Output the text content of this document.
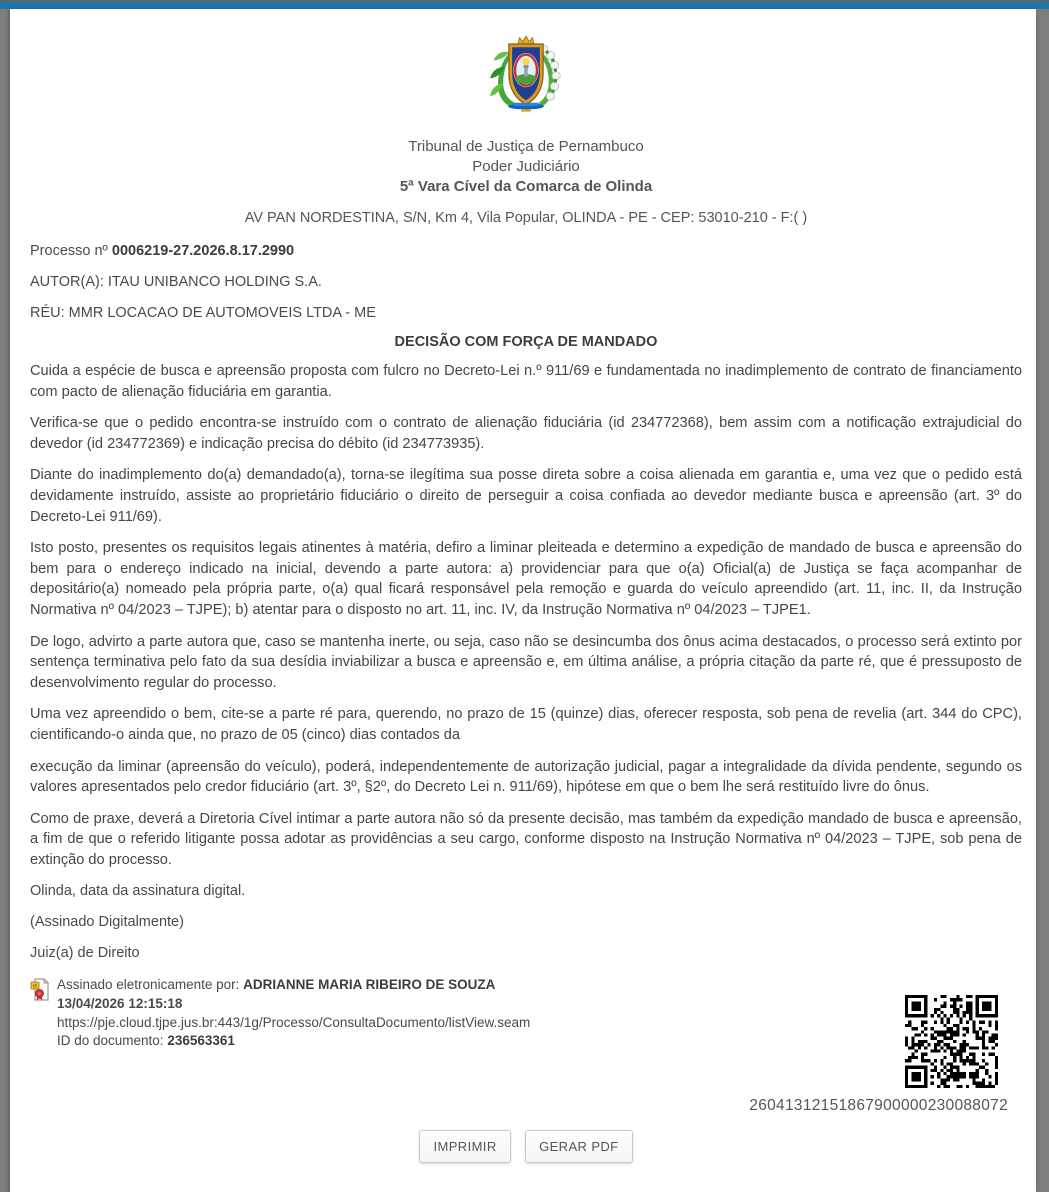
Tribunal de Justiça de Pernambuco
Poder Judiciário
5ª Vara Cível da Comarca de Olinda
AV PAN NORDESTINA, S/N, Km 4, Vila Popular, OLINDA - PE - CEP: 53010-210 - F:( )

Processo nº 0006219-27.2026.8.17.2990

AUTOR(A): ITAU UNIBANCO HOLDING S.A.

RÉU: MMR LOCACAO DE AUTOMOVEIS LTDA - ME

DECISÃO COM FORÇA DE MANDADO

Cuida a espécie de busca e apreensão proposta com fulcro no Decreto-Lei n.º 911/69 e fundamentada no inadimplemento de contrato de financiamento com pacto de alienação fiduciária em garantia.

Verifica-se que o pedido encontra-se instruído com o contrato de alienação fiduciária (id 234772368), bem assim com a notificação extrajudicial do devedor (id 234772369) e indicação precisa do débito (id 234773935).

Diante do inadimplemento do(a) demandado(a), torna-se ilegítima sua posse direta sobre a coisa alienada em garantia e, uma vez que o pedido está devidamente instruído, assiste ao proprietário fiduciário o direito de perseguir a coisa confiada ao devedor mediante busca e apreensão (art. 3º do Decreto-Lei 911/69).

Isto posto, presentes os requisitos legais atinentes à matéria, defiro a liminar pleiteada e determino a expedição de mandado de busca e apreensão do bem para o endereço indicado na inicial, devendo a parte autora: a) providenciar para que o(a) Oficial(a) de Justiça se faça acompanhar de depositário(a) nomeado pela própria parte, o(a) qual ficará responsável pela remoção e guarda do veículo apreendido (art. 11, inc. II, da Instrução Normativa nº 04/2023 – TJPE); b) atentar para o disposto no art. 11, inc. IV, da Instrução Normativa nº 04/2023 – TJPE1.

De logo, advirto a parte autora que, caso se mantenha inerte, ou seja, caso não se desincumba dos ônus acima destacados, o processo será extinto por sentença terminativa pelo fato da sua desídia inviabilizar a busca e apreensão e, em última análise, a própria citação da parte ré, que é pressuposto de desenvolvimento regular do processo.

Uma vez apreendido o bem, cite-se a parte ré para, querendo, no prazo de 15 (quinze) dias, oferecer resposta, sob pena de revelia (art. 344 do CPC), cientificando-o ainda que, no prazo de 05 (cinco) dias contados da

execução da liminar (apreensão do veículo), poderá, independentemente de autorização judicial, pagar a integralidade da dívida pendente, segundo os valores apresentados pelo credor fiduciário (art. 3º, §2º, do Decreto Lei n. 911/69), hipótese em que o bem lhe será restituído livre do ônus.

Como de praxe, deverá a Diretoria Cível intimar a parte autora não só da presente decisão, mas também da expedição mandado de busca e apreensão, a fim de que o referido litigante possa adotar as providências a seu cargo, conforme disposto na Instrução Normativa nº 04/2023 – TJPE, sob pena de extinção do processo.

Olinda, data da assinatura digital.

(Assinado Digitalmente)

Juiz(a) de Direito

Assinado eletronicamente por: ADRIANNE MARIA RIBEIRO DE SOUZA
13/04/2026 12:15:18
https://pje.cloud.tjpe.jus.br:443/1g/Processo/ConsultaDocumento/listView.seam
ID do documento: 236563361
26041312151867900000230088072
IMPRIMIR	GERAR PDF
